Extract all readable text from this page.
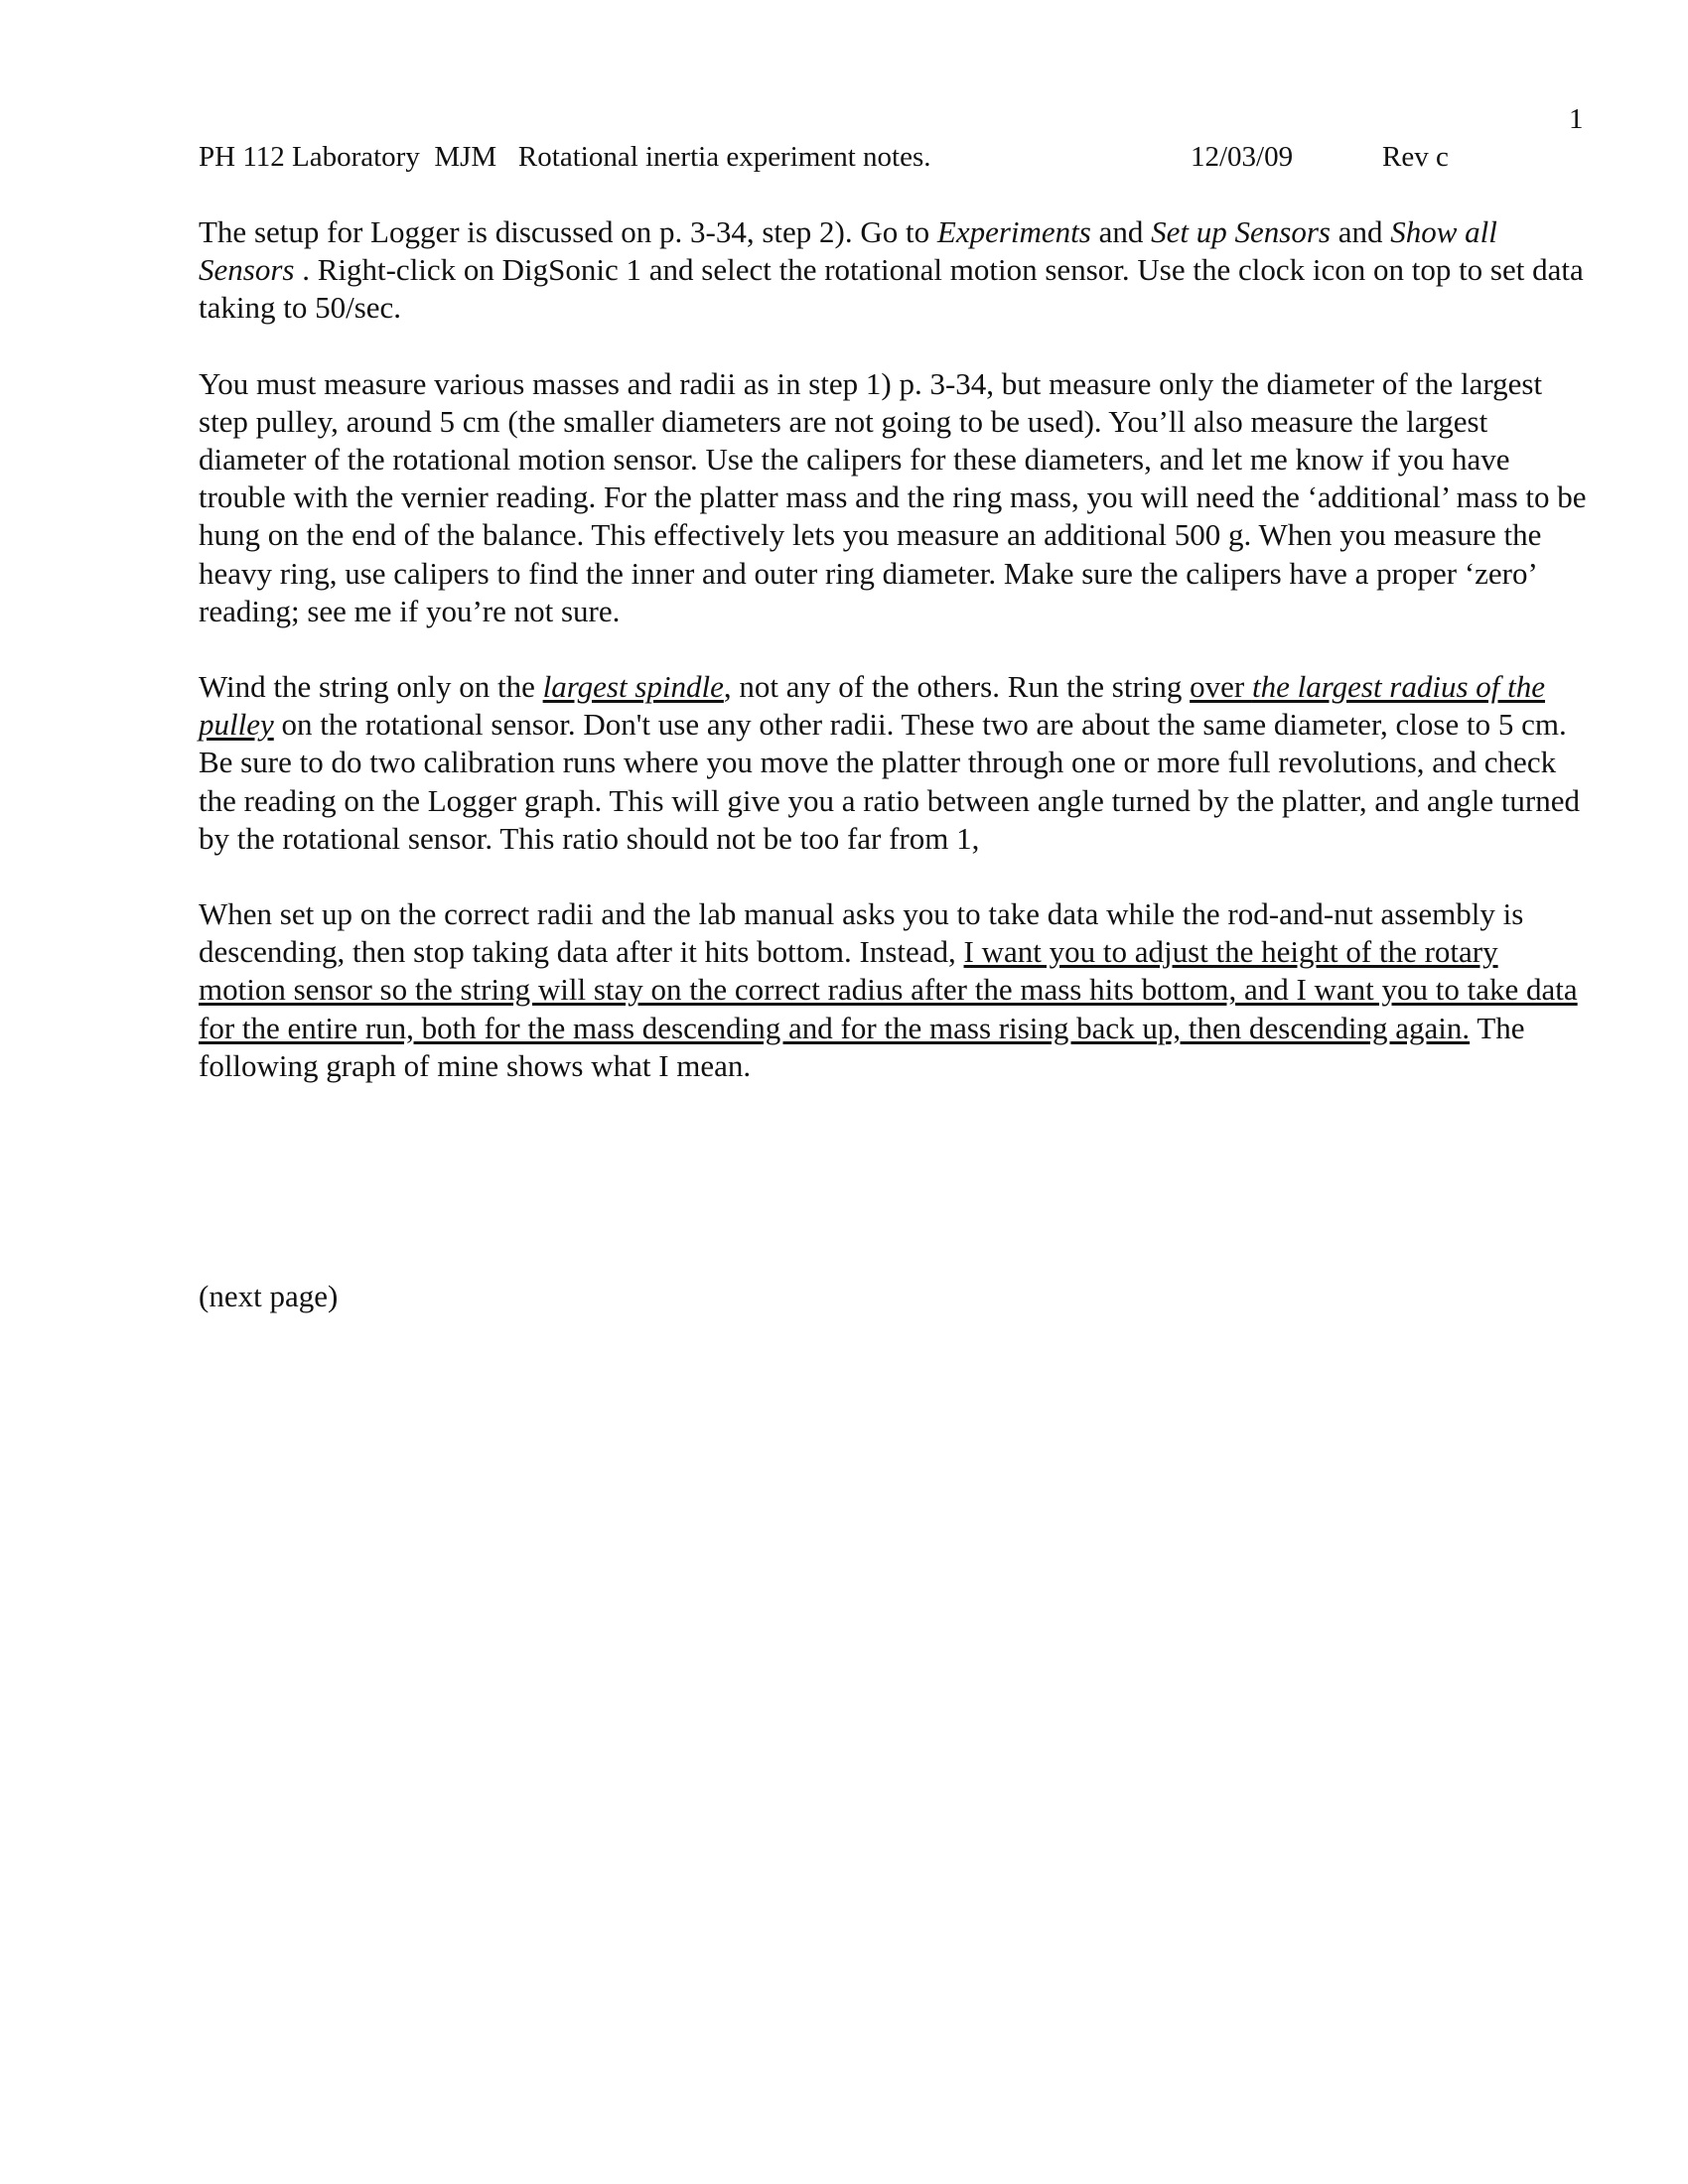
1

PH 112 Laboratory  MJM   Rotational inertia experiment notes.

	12/03/09

	Rev c

The setup for Logger is discussed on p. 3-34, step 2). Go to Experiments and Set up Sensors and Show all Sensors . Right-click on DigSonic 1 and select the rotational motion sensor. Use the clock icon on top to set data taking to 50/sec.

You must measure various masses and radii as in step 1) p. 3-34, but measure only the diameter of the largest step pulley, around 5 cm (the smaller diameters are not going to be used). You’ll also measure the largest diameter of the rotational motion sensor. Use the calipers for these diameters, and let me know if you have trouble with the vernier reading. For the platter mass and the ring mass, you will need the ‘additional’ mass to be hung on the end of the balance. This effectively lets you measure an additional 500 g. When you measure the heavy ring, use calipers to find the inner and outer ring diameter. Make sure the calipers have a proper ‘zero’ reading; see me if you’re not sure.

Wind the string only on the largest spindle, not any of the others. Run the string over the largest radius of the pulley on the rotational sensor. Don't use any other radii. These two are about the same diameter, close to 5 cm. Be sure to do two calibration runs where you move the platter through one or more full revolutions, and check the reading on the Logger graph. This will give you a ratio between angle turned by the platter, and angle turned by the rotational sensor. This ratio should not be too far from 1,

When set up on the correct radii and the lab manual asks you to take data while the rod-and-nut assembly is descending, then stop taking data after it hits bottom. Instead, I want you to adjust the height of the rotary motion sensor so the string will stay on the correct radius after the mass hits bottom, and I want you to take data for the entire run, both for the mass descending and for the mass rising back up, then descending again. The following graph of mine shows what I mean.

(next page)
